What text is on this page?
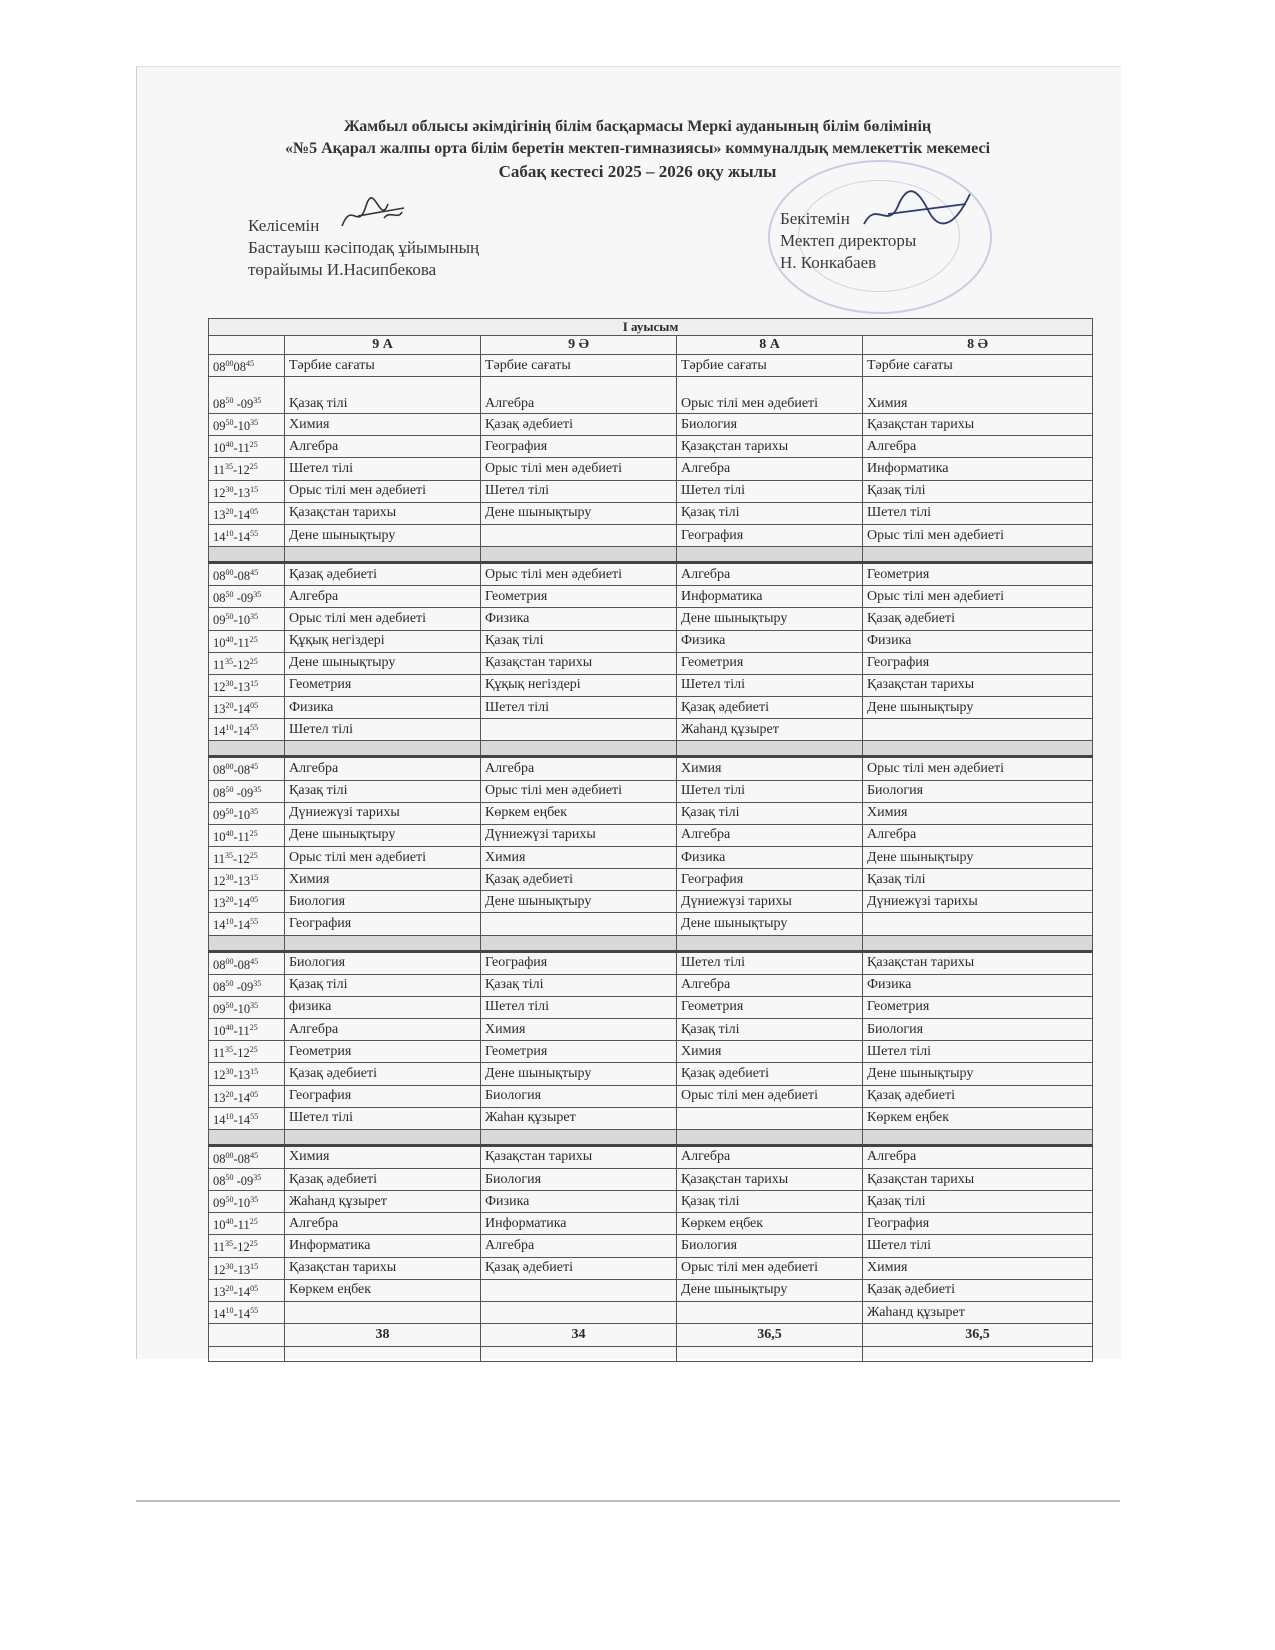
Жамбыл облысы әкімдігінің білім басқармасы Меркі ауданының білім бөлімінің
«№5 Ақарал жалпы орта білім беретін мектеп-гимназиясы» коммуналдық мемлекеттік мекемесі
Сабақ кестесі 2025 – 2026 оқу жылы
Келісемін
Бастауыш кәсіподақ ұйымының
төрайымы И.Насипбекова
Бекітемін
Мектеп директоры
Н. Конкабаев
I ауысым				
	9 А	9 Ә	8 А	8 Ә
$08^{00}08^{45}$	Тәрбие сағаты	Тәрбие сағаты	Тәрбие сағаты	Тәрбие сағаты
$08^{50}$ $-09^{35}$	Қазақ тілі	Алгебра	Орыс тілі мен әдебиеті	Химия
$09^{50}-10^{35}$	Химия	Қазақ әдебиеті	Биология	Қазақстан тарихы
$10^{40}-11^{25}$	Алгебра	География	Қазақстан тарихы	Алгебра
$11^{35}-12^{25}$	Шетел тілі	Орыс тілі мен әдебиеті	Алгебра	Информатика
$12^{30}-13^{15}$	Орыс тілі мен әдебиеті	Шетел тілі	Шетел тілі	Қазақ тілі
$13^{20}-14^{05}$	Қазақстан тарихы	Дене шынықтыру	Қазақ тілі	Шетел тілі
$14^{10}-14^{55}$	Дене шынықтыру		География	Орыс тілі мен әдебиеті

$08^{00}-08^{45}$	Қазақ әдебиеті	Орыс тілі мен әдебиеті	Алгебра	Геометрия
$08^{50}$ $-09^{35}$	Алгебра	Геометрия	Информатика	Орыс тілі мен әдебиеті
$09^{50}-10^{35}$	Орыс тілі мен әдебиеті	Физика	Дене шынықтыру	Қазақ әдебиеті
$10^{40}-11^{25}$	Құқық негіздері	Қазақ тілі	Физика	Физика
$11^{35}-12^{25}$	Дене шынықтыру	Қазақстан тарихы	Геометрия	География
$12^{30}-13^{15}$	Геометрия	Құқық негіздері	Шетел тілі	Қазақстан тарихы
$13^{20}-14^{05}$	Физика	Шетел тілі	Қазақ әдебиеті	Дене шынықтыру
$14^{10}-14^{55}$	Шетел тілі		Жаһанд құзырет	

$08^{00}-08^{45}$	Алгебра	Алгебра	Химия	Орыс тілі мен әдебиеті
$08^{50}$ $-09^{35}$	Қазақ тілі	Орыс тілі мен әдебиеті	Шетел тілі	Биология
$09^{50}-10^{35}$	Дүниежүзі тарихы	Көркем еңбек	Қазақ тілі	Химия
$10^{40}-11^{25}$	Дене шынықтыру	Дүниежүзі тарихы	Алгебра	Алгебра
$11^{35}-12^{25}$	Орыс тілі мен әдебиеті	Химия	Физика	Дене шынықтыру
$12^{30}-13^{15}$	Химия	Қазақ әдебиеті	География	Қазақ тілі
$13^{20}-14^{05}$	Биология	Дене шынықтыру	Дүниежүзі тарихы	Дүниежүзі тарихы
$14^{10}-14^{55}$	География		Дене шынықтыру	

$08^{00}-08^{45}$	Биология	География	Шетел тілі	Қазақстан тарихы
$08^{50}$ $-09^{35}$	Қазақ тілі	Қазақ тілі	Алгебра	Физика
$09^{50}-10^{35}$	физика	Шетел тілі	Геометрия	Геометрия
$10^{40}-11^{25}$	Алгебра	Химия	Қазақ тілі	Биология
$11^{35}-12^{25}$	Геометрия	Геометрия	Химия	Шетел тілі
$12^{30}-13^{15}$	Қазақ әдебиеті	Дене шынықтыру	Қазақ әдебиеті	Дене шынықтыру
$13^{20}-14^{05}$	География	Биология	Орыс тілі мен әдебиеті	Қазақ әдебиеті
$14^{10}-14^{55}$	Шетел тілі	Жаһан құзырет		Көркем еңбек

$08^{00}-08^{45}$	Химия	Қазақстан тарихы	Алгебра	Алгебра
$08^{50}$ $-09^{35}$	Қазақ әдебиеті	Биология	Қазақстан тарихы	Қазақстан тарихы
$09^{50}-10^{35}$	Жаһанд құзырет	Физика	Қазақ тілі	Қазақ тілі
$10^{40}-11^{25}$	Алгебра	Информатика	Көркем еңбек	География
$11^{35}-12^{25}$	Информатика	Алгебра	Биология	Шетел тілі
$12^{30}-13^{15}$	Қазақстан тарихы	Қазақ әдебиеті	Орыс тілі мен әдебиеті	Химия
$13^{20}-14^{05}$	Көркем еңбек		Дене шынықтыру	Қазақ әдебиеті
$14^{10}-14^{55}$				Жаһанд құзырет
	38	34	36,5	36,5
